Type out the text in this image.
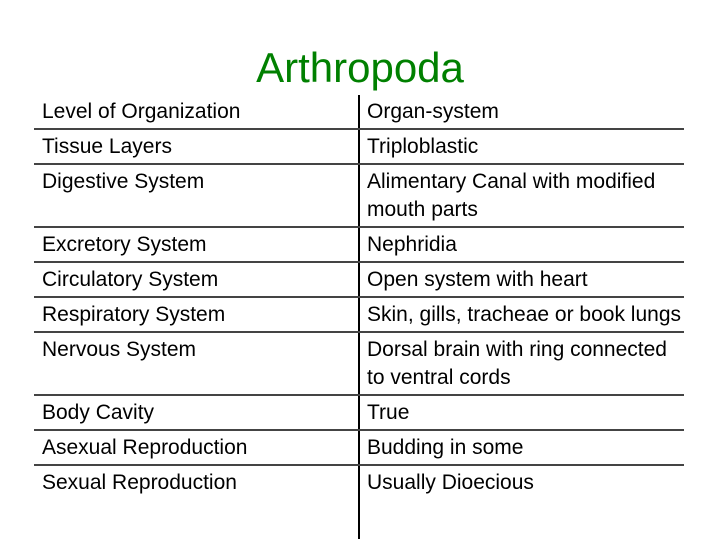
Arthropoda
Level of Organization	Organ-system
Tissue Layers	Triploblastic
Digestive System	Alimentary Canal with modified mouth parts
Excretory System	Nephridia
Circulatory System	Open system with heart
Respiratory System	Skin, gills, tracheae or book lungs
Nervous System	Dorsal brain with ring connected to ventral cords
Body Cavity	True
Asexual Reproduction	Budding in some
Sexual Reproduction	Usually Dioecious
